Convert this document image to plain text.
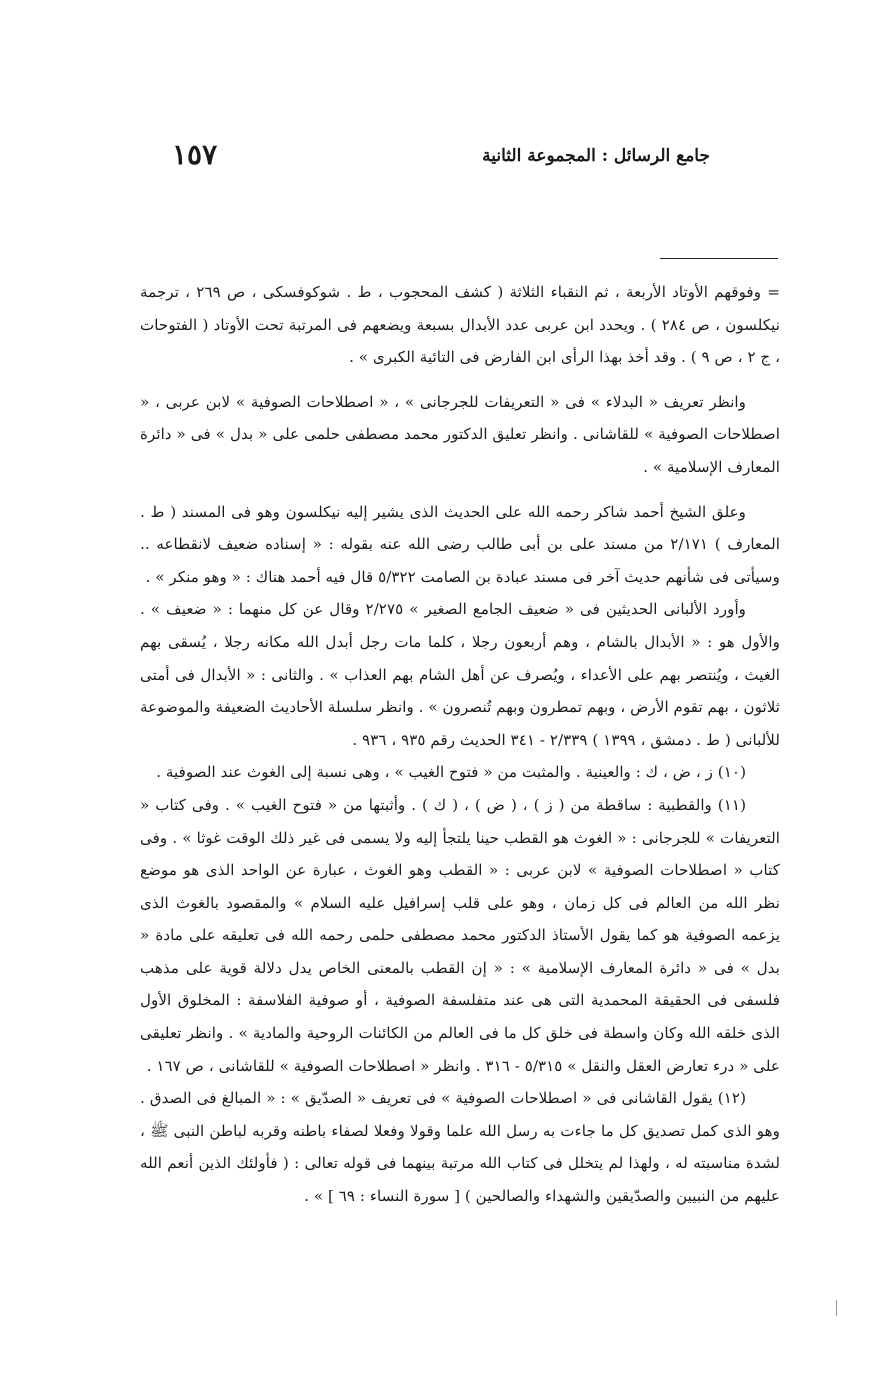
١٥٧	جامع الرسائل : المجموعة الثانية

= وفوقهم الأوتاد الأربعة ، ثم النقباء الثلاثة ( كشف المحجوب ، ط . شوكوفسكى ، ص ٢٦٩ ، ترجمة نيكلسون ، ص ٢٨٤ ) . ويحدد ابن عربى عدد الأبدال بسبعة ويضعهم فى المرتبة تحت الأوتاد ( الفتوحات ، ج ٢ ، ص ٩ ) . وقد أخذ بهذا الرأى ابن الفارض فى التائية الكبرى » .

وانظر تعريف « البدلاء » فى « التعريفات للجرجانى » ، « اصطلاحات الصوفية » لابن عربى ، « اصطلاحات الصوفية » للقاشانى . وانظر تعليق الدكتور محمد مصطفى حلمى على « بدل » فى « دائرة المعارف الإسلامية » .

وعلق الشيخ أحمد شاكر رحمه الله على الحديث الذى يشير إليه نيكلسون وهو فى المسند ( ط . المعارف ) ٢/١٧١ من مسند على بن أبى طالب رضى الله عنه بقوله : « إسناده ضعيف لانقطاعه .. وسيأتى فى شأنهم حديث آخر فى مسند عبادة بن الصامت ٥/٣٢٢ قال فيه أحمد هناك : « وهو منكر » .

وأورد الألبانى الحديثين فى « ضعيف الجامع الصغير » ٢/٢٧٥ وقال عن كل منهما : « ضعيف » . والأول هو : « الأبدال بالشام ، وهم أربعون رجلا ، كلما مات رجل أبدل الله مكانه رجلا ، يُسقى بهم الغيث ، ويُنتصر بهم على الأعداء ، ويُصرف عن أهل الشام بهم العذاب » . والثانى : « الأبدال فى أمتى ثلاثون ، بهم تقوم الأرض ، وبهم تمطرون وبهم تُنصرون » . وانظر سلسلة الأحاديث الضعيفة والموضوعة للألبانى ( ط . دمشق ، ١٣٩٩ ) ٢/٣٣٩ - ٣٤١ الحديث رقم ٩٣٥ ، ٩٣٦ .

(١٠) ز ، ض ، ك : والعينية . والمثبت من « فتوح الغيب » ، وهى نسبة إلى الغوث عند الصوفية .

(١١) والقطبية : ساقطة من ( ز ) ، ( ض ) ، ( ك ) . وأثبتها من « فتوح الغيب » . وفى كتاب « التعريفات » للجرجانى : « الغوث هو القطب حينا يلتجأ إليه ولا يسمى فى غير ذلك الوقت غوثا » . وفى كتاب « اصطلاحات الصوفية » لابن عربى : « القطب وهو الغوث ، عبارة عن الواحد الذى هو موضع نظر الله من العالم فى كل زمان ، وهو على قلب إسرافيل عليه السلام » والمقصود بالغوث الذى يزعمه الصوفية هو كما يقول الأستاذ الدكتور محمد مصطفى حلمى رحمه الله فى تعليقه على مادة « بدل » فى « دائرة المعارف الإسلامية » : « إن القطب بالمعنى الخاص يدل دلالة قوية على مذهب فلسفى فى الحقيقة المحمدية التى هى عند متفلسفة الصوفية ، أو صوفية الفلاسفة : المخلوق الأول الذى خلقه الله وكان واسطة فى خلق كل ما فى العالم من الكائنات الروحية والمادية » . وانظر تعليقى على « درء تعارض العقل والنقل » ٥/٣١٥ - ٣١٦ . وانظر « اصطلاحات الصوفية » للقاشانى ، ص ١٦٧ .

(١٢) يقول القاشانى فى « اصطلاحات الصوفية » فى تعريف « الصدّيق » : « المبالغ فى الصدق . وهو الذى كمل تصديق كل ما جاءت به رسل الله علما وقولا وفعلا لصفاء باطنه وقربه لباطن النبى ﷺ ، لشدة مناسبته له ، ولهذا لم يتخلل فى كتاب الله مرتبة بينهما فى قوله تعالى : ( فأولئك الذين أنعم الله عليهم من النبيين والصدّيقين والشهداء والصالحين ) [ سورة النساء : ٦٩ ] » .
